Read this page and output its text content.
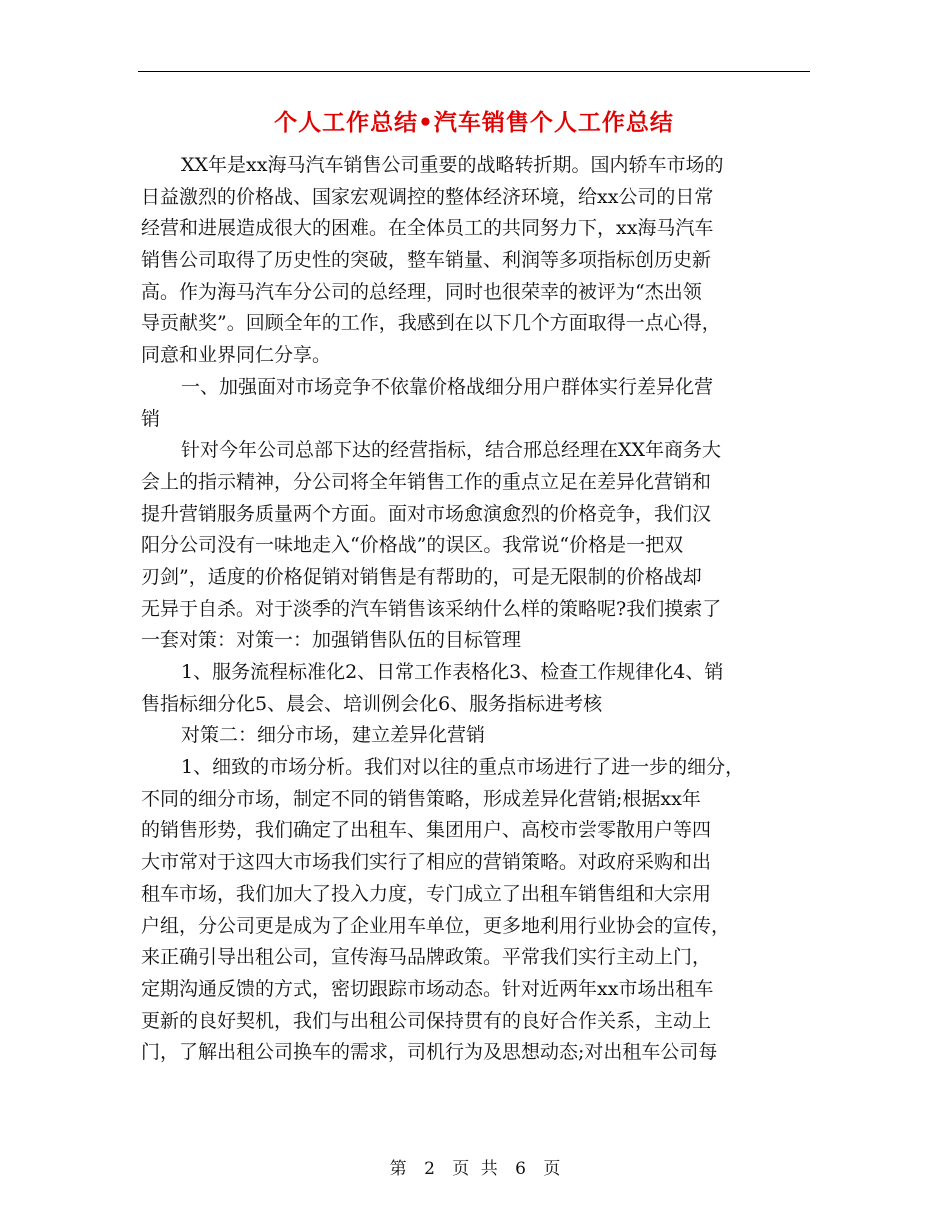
个人工作总结•汽车销售个人工作总结
XX年是xx海马汽车销售公司重要的战略转折期。国内轿车市场的
日益激烈的价格战、国家宏观调控的整体经济环境，给xx公司的日常
经营和进展造成很大的困难。在全体员工的共同努力下，xx海马汽车
销售公司取得了历史性的突破，整车销量、利润等多项指标创历史新
高。作为海马汽车分公司的总经理，同时也很荣幸的被评为“杰出领
导贡献奖”。回顾全年的工作，我感到在以下几个方面取得一点心得，
同意和业界同仁分享。
一、加强面对市场竞争不依靠价格战细分用户群体实行差异化营
销
针对今年公司总部下达的经营指标，结合邢总经理在XX年商务大
会上的指示精神，分公司将全年销售工作的重点立足在差异化营销和
提升营销服务质量两个方面。面对市场愈演愈烈的价格竞争，我们汉
阳分公司没有一味地走入“价格战”的误区。我常说“价格是一把双
刃剑”，适度的价格促销对销售是有帮助的，可是无限制的价格战却
无异于自杀。对于淡季的汽车销售该采纳什么样的策略呢?我们摸索了
一套对策：对策一：加强销售队伍的目标管理
1、服务流程标准化2、日常工作表格化3、检查工作规律化4、销
售指标细分化5、晨会、培训例会化6、服务指标进考核
对策二：细分市场，建立差异化营销
1、细致的市场分析。我们对以往的重点市场进行了进一步的细分，
不同的细分市场，制定不同的销售策略，形成差异化营销;根据xx年
的销售形势，我们确定了出租车、集团用户、高校市尝零散用户等四
大市常对于这四大市场我们实行了相应的营销策略。对政府采购和出
租车市场，我们加大了投入力度，专门成立了出租车销售组和大宗用
户组，分公司更是成为了企业用车单位，更多地利用行业协会的宣传，
来正确引导出租公司，宣传海马品牌政策。平常我们实行主动上门，
定期沟通反馈的方式，密切跟踪市场动态。针对近两年xx市场出租车
更新的良好契机，我们与出租公司保持贯有的良好合作关系，主动上
门，了解出租公司换车的需求，司机行为及思想动态;对出租车公司每
第 2 页 共 6 页
